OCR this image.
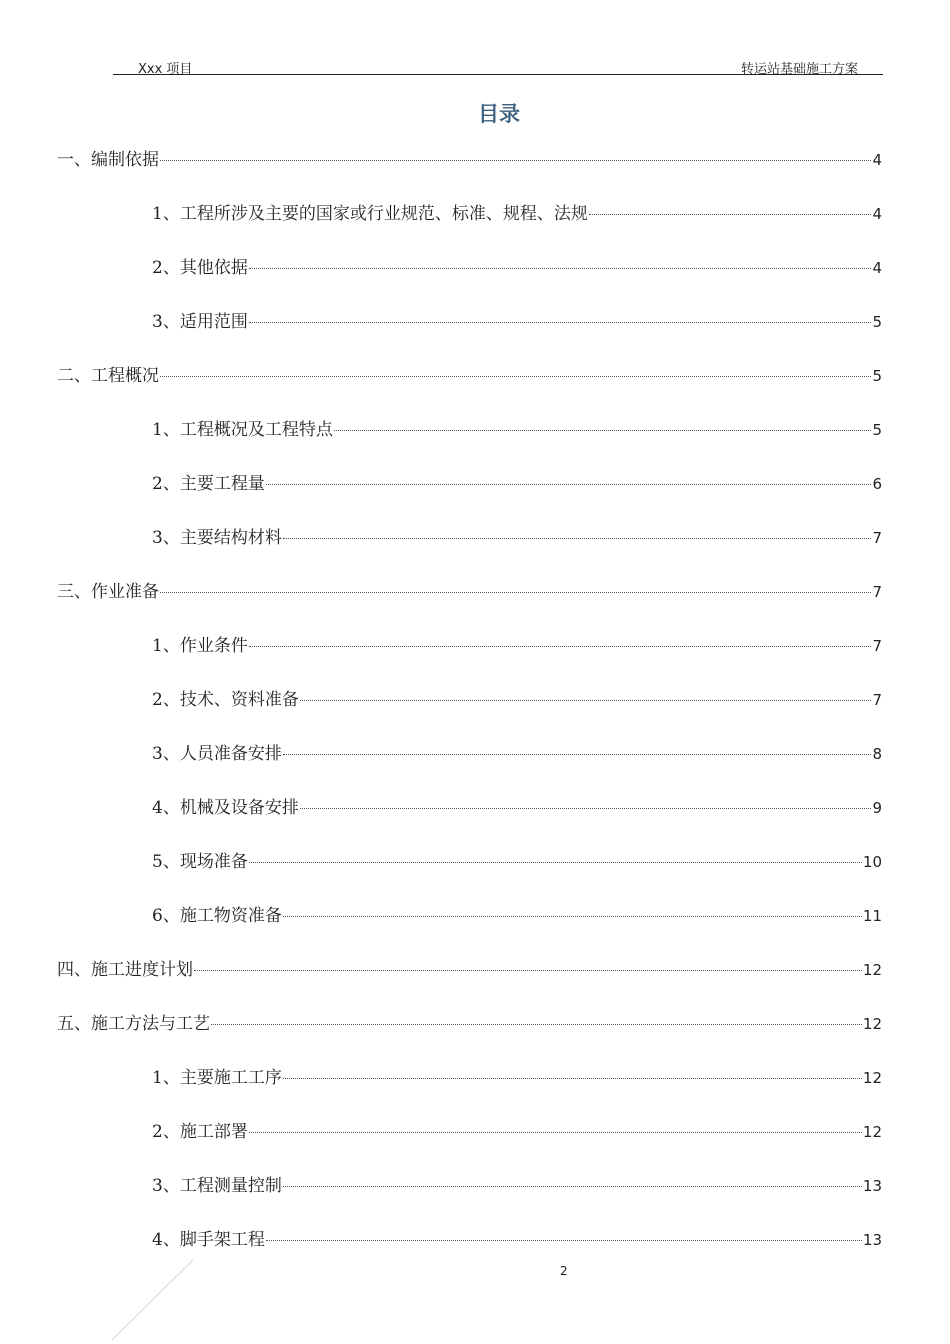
Xxx 项目	转运站基础施工方案
目录
一、编制依据	4
1、工程所涉及主要的国家或行业规范、标准、规程、法规	4
2、其他依据	4
3、适用范围	5
二、工程概况	5
1、工程概况及工程特点	5
2、主要工程量	6
3、主要结构材料	7
三、作业准备	7
1、作业条件	7
2、技术、资料准备	7
3、人员准备安排	8
4、机械及设备安排	9
5、现场准备	10
6、施工物资准备	11
四、施工进度计划	12
五、施工方法与工艺	12
1、主要施工工序	12
2、施工部署	12
3、工程测量控制	13
4、脚手架工程	13
2
